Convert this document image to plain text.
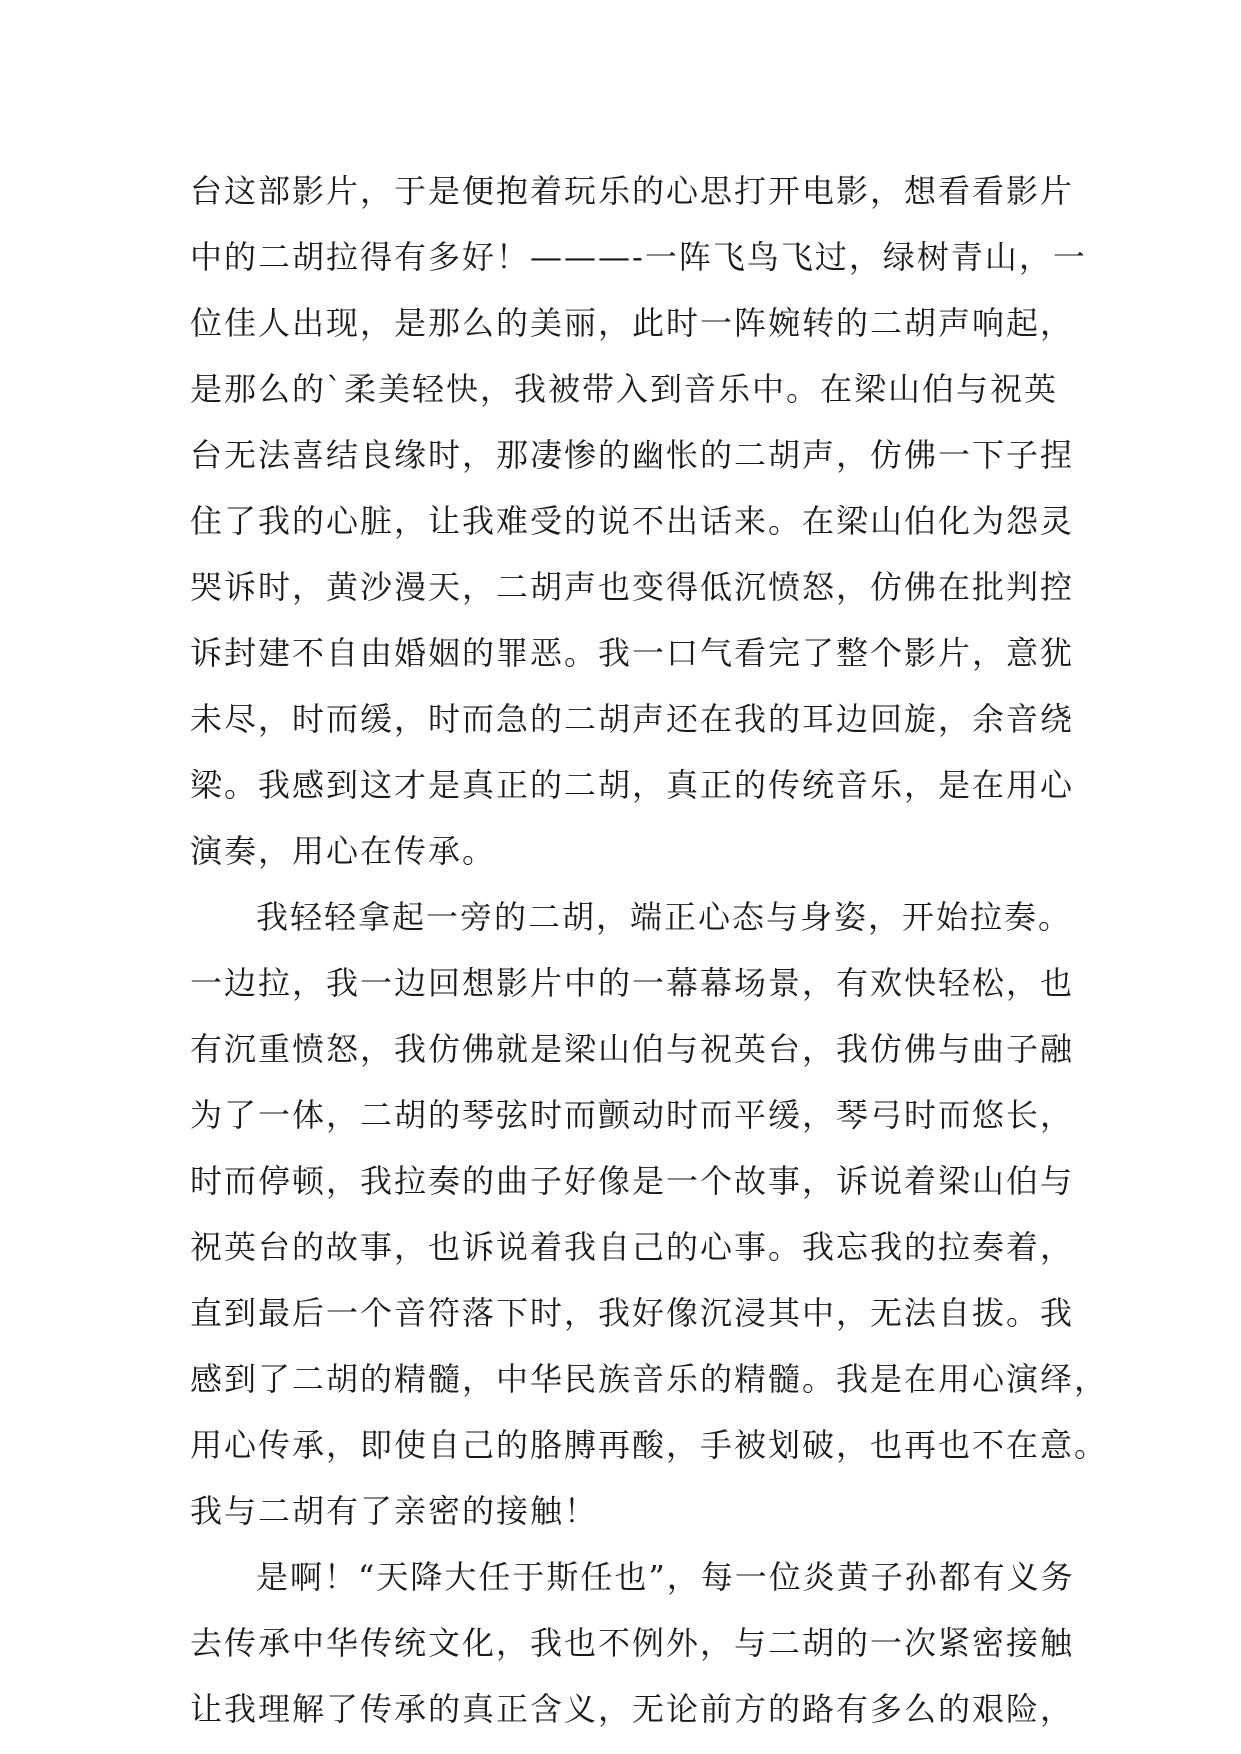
台这部影片，于是便抱着玩乐的心思打开电影，想看看影片
中的二胡拉得有多好！———-一阵飞鸟飞过，绿树青山，一
位佳人出现，是那么的美丽，此时一阵婉转的二胡声响起，
是那么的`柔美轻快，我被带入到音乐中。在梁山伯与祝英
台无法喜结良缘时，那凄惨的幽怅的二胡声，仿佛一下子捏
住了我的心脏，让我难受的说不出话来。在梁山伯化为怨灵
哭诉时，黄沙漫天，二胡声也变得低沉愤怒，仿佛在批判控
诉封建不自由婚姻的罪恶。我一口气看完了整个影片，意犹
未尽，时而缓，时而急的二胡声还在我的耳边回旋，余音绕
梁。我感到这才是真正的二胡，真正的传统音乐，是在用心
演奏，用心在传承。
我轻轻拿起一旁的二胡，端正心态与身姿，开始拉奏。
一边拉，我一边回想影片中的一幕幕场景，有欢快轻松，也
有沉重愤怒，我仿佛就是梁山伯与祝英台，我仿佛与曲子融
为了一体，二胡的琴弦时而颤动时而平缓，琴弓时而悠长，
时而停顿，我拉奏的曲子好像是一个故事，诉说着梁山伯与
祝英台的故事，也诉说着我自己的心事。我忘我的拉奏着，
直到最后一个音符落下时，我好像沉浸其中，无法自拔。我
感到了二胡的精髓，中华民族音乐的精髓。我是在用心演绎，
用心传承，即使自己的胳膊再酸，手被划破，也再也不在意。
我与二胡有了亲密的接触！
是啊！“天降大任于斯任也”，每一位炎黄子孙都有义务
去传承中华传统文化，我也不例外，与二胡的一次紧密接触
让我理解了传承的真正含义，无论前方的路有多么的艰险，
